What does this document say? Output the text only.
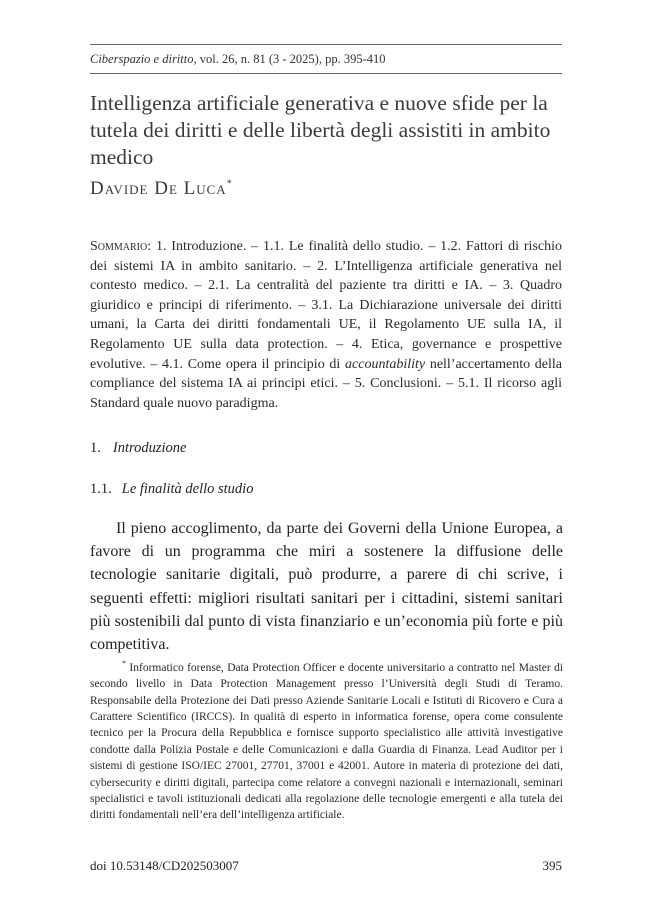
Ciberspazio e diritto, vol. 26, n. 81 (3 - 2025), pp. 395-410
Intelligenza artificiale generativa e nuove sfide per la tutela dei diritti e delle libertà degli assistiti in ambito medico
Davide De Luca*
Sommario: 1. Introduzione. – 1.1. Le finalità dello studio. – 1.2. Fattori di rischio dei sistemi IA in ambito sanitario. – 2. L’Intelligenza artificiale generativa nel contesto medico. – 2.1. La centralità del paziente tra diritti e IA. – 3. Quadro giuridico e principi di riferimento. – 3.1. La Dichiarazione universale dei diritti umani, la Carta dei diritti fondamentali UE, il Regolamento UE sulla IA, il Regolamento UE sulla data protection. – 4. Etica, governance e prospettive evolutive. – 4.1. Come opera il principio di accountability nell’accertamento della compliance del sistema IA ai principi etici. – 5. Conclusioni. – 5.1. Il ricorso agli Standard quale nuovo paradigma.
1. Introduzione
1.1. Le finalità dello studio
Il pieno accoglimento, da parte dei Governi della Unione Europea, a favore di un programma che miri a sostenere la diffusione delle tecnologie sanitarie digitali, può produrre, a parere di chi scrive, i seguenti effetti: migliori risultati sanitari per i cittadini, sistemi sanitari più sostenibili dal punto di vista finanziario e un’economia più forte e più competitiva.
* Informatico forense, Data Protection Officer e docente universitario a contratto nel Master di secondo livello in Data Protection Management presso l’Università degli Studi di Teramo. Responsabile della Protezione dei Dati presso Aziende Sanitarie Locali e Istituti di Ricovero e Cura a Carattere Scientifico (IRCCS). In qualità di esperto in informatica forense, opera come consulente tecnico per la Procura della Repubblica e fornisce supporto specialistico alle attività investigative condotte dalla Polizia Postale e delle Comunicazioni e dalla Guardia di Finanza. Lead Auditor per i sistemi di gestione ISO/IEC 27001, 27701, 37001 e 42001. Autore in materia di protezione dei dati, cybersecurity e diritti digitali, partecipa come relatore a convegni nazionali e internazionali, seminari specialistici e tavoli istituzionali dedicati alla regolazione delle tecnologie emergenti e alla tutela dei diritti fondamentali nell’era dell’intelligenza artificiale.
doi 10.53148/CD202503007	395
